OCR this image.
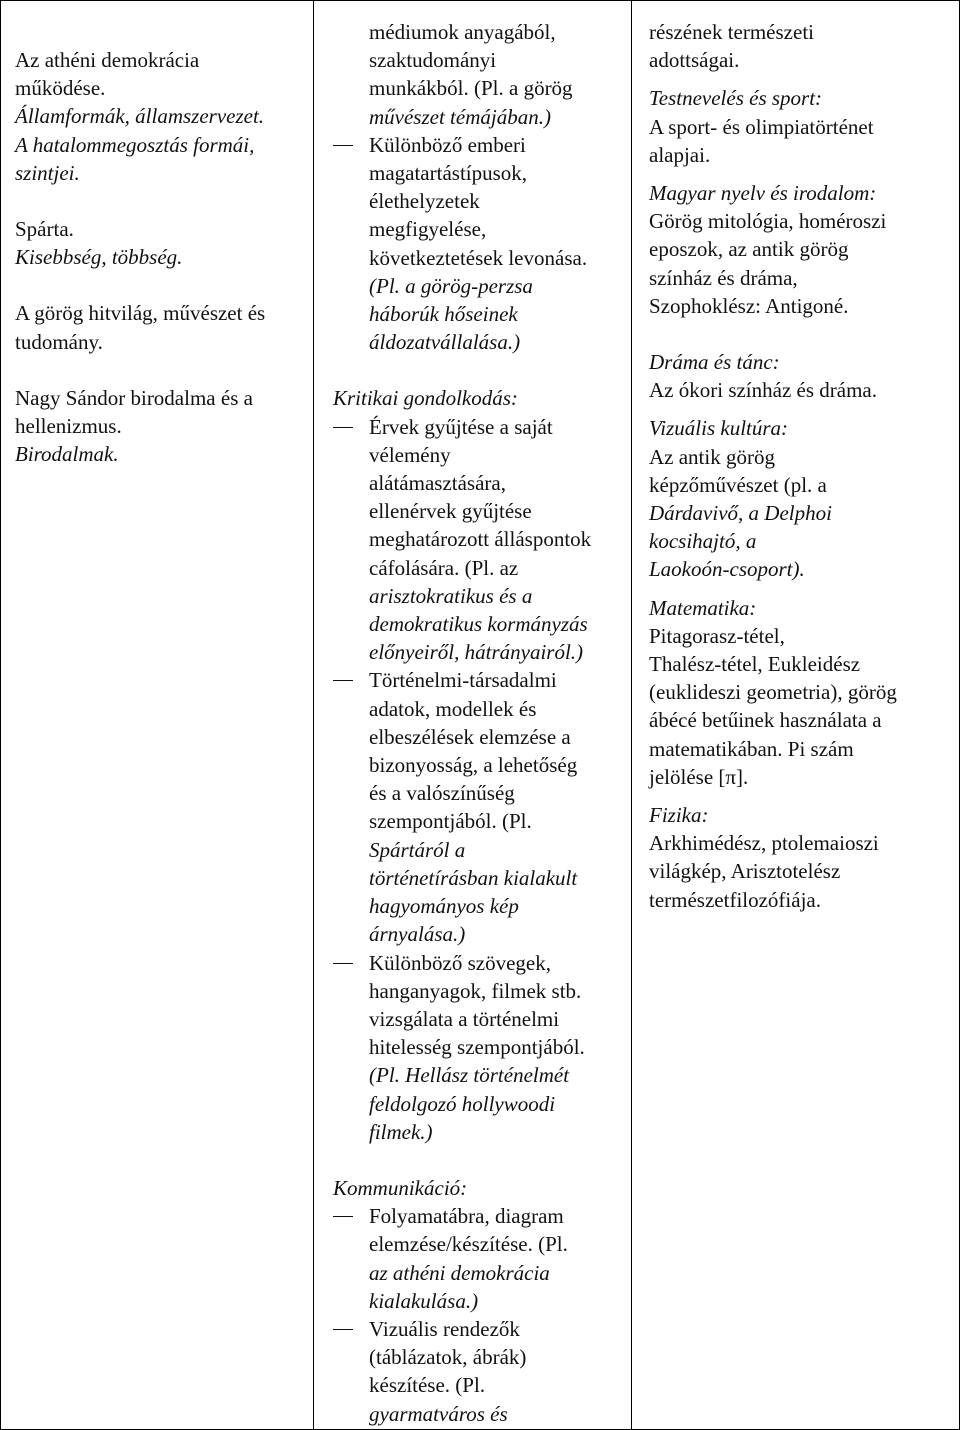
Az athéni demokrácia

működése.

Államformák, államszervezet.

A hatalommegosztás formái,

szintjei.

Spárta.

Kisebbség, többség.

A görög hitvilág, művészet és

tudomány.

Nagy Sándor birodalma és a

hellenizmus.

Birodalmak.

médiumok anyagából,

szaktudományi

munkákból. (Pl. a görög

művészet témájában.)

Különböző emberi

magatartástípusok,

élethelyzetek

megfigyelése,

következtetések levonása.

(Pl. a görög-perzsa

háborúk hőseinek

áldozatvállalása.)

Kritikai gondolkodás:

Érvek gyűjtése a saját

vélemény

alátámasztására,

ellenérvek gyűjtése

meghatározott álláspontok

cáfolására. (Pl. az

arisztokratikus és a

demokratikus kormányzás

előnyeiről, hátrányairól.)

Történelmi-társadalmi

adatok, modellek és

elbeszélések elemzése a

bizonyosság, a lehetőség

és a valószínűség

szempontjából. (Pl.

Spártáról a

történetírásban kialakult

hagyományos kép

árnyalása.)

Különböző szövegek,

hanganyagok, filmek stb.

vizsgálata a történelmi

hitelesség szempontjából.

(Pl. Hellász történelmét

feldolgozó hollywoodi

filmek.)

Kommunikáció:

Folyamatábra, diagram

elemzése/készítése. (Pl.

az athéni demokrácia

kialakulása.)

Vizuális rendezők

(táblázatok, ábrák)

készítése. (Pl.

gyarmatváros és

részének természeti

adottságai.

Testnevelés és sport:

A sport- és olimpiatörténet

alapjai.

Magyar nyelv és irodalom:

Görög mitológia, homéroszi

eposzok, az antik görög

színház és dráma,

Szophoklész: Antigoné.

Dráma és tánc:

Az ókori színház és dráma.

Vizuális kultúra:

Az antik görög

képzőművészet (pl. a

Dárdavivő, a Delphoi

kocsihajtó, a

Laokoón-csoport).

Matematika:

Pitagorasz-tétel,

Thalész-tétel, Eukleidész

(euklideszi geometria), görög

ábécé betűinek használata a

matematikában. Pi szám

jelölése [π].

Fizika:

Arkhimédész, ptolemaioszi

világkép, Arisztotelész

természetfilozófiája.
